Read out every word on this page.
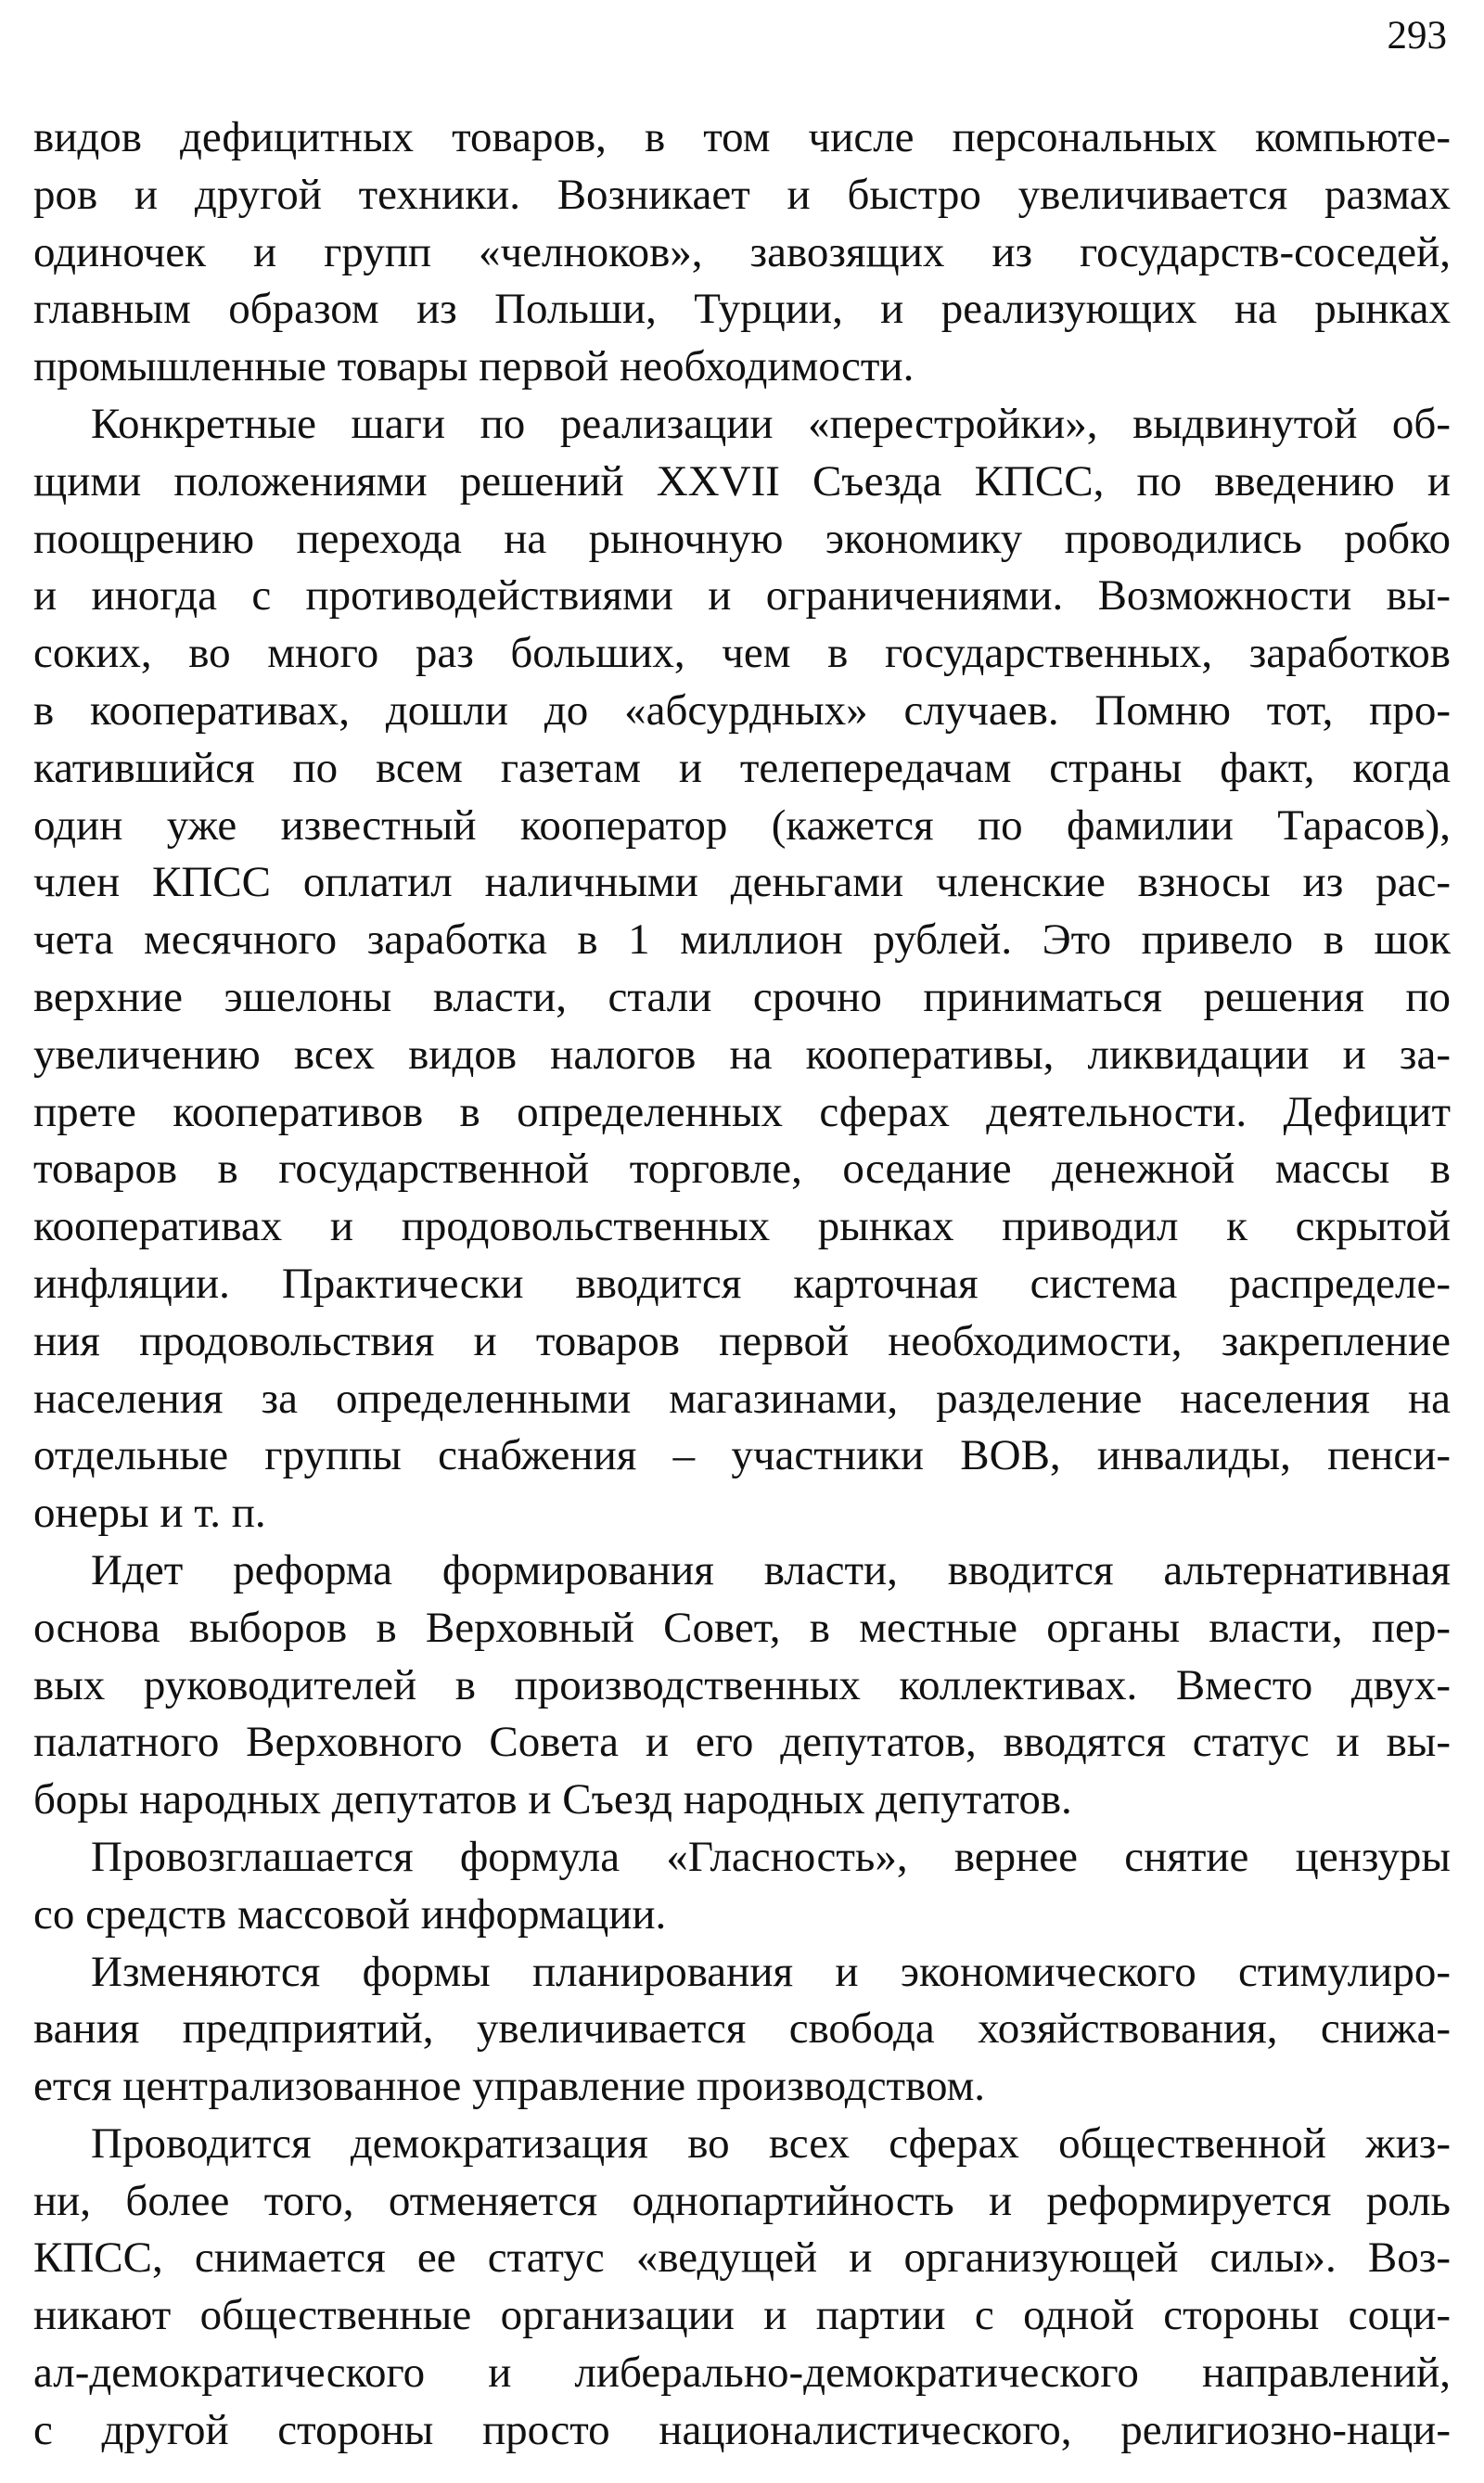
293
видов дефицитных товаров, в том числе персональных компьюте-
ров и другой техники. Возникает и быстро увеличивается размах
одиночек и групп «челноков», завозящих из государств-соседей,
главным образом из Польши, Турции, и реализующих на рынках
промышленные товары первой необходимости.
Конкретные шаги по реализации «перестройки», выдвинутой об-
щими положениями решений XXVII Съезда КПСС, по введению и
поощрению перехода на рыночную экономику проводились робко
и иногда с противодействиями и ограничениями. Возможности вы-
соких, во много раз больших, чем в государственных, заработков
в кооперативах, дошли до «абсурдных» случаев. Помню тот, про-
катившийся по всем газетам и телепередачам страны факт, когда
один уже известный кооператор (кажется по фамилии Тарасов),
член КПСС оплатил наличными деньгами членские взносы из рас-
чета месячного заработка в 1 миллион рублей. Это привело в шок
верхние эшелоны власти, стали срочно приниматься решения по
увеличению всех видов налогов на кооперативы, ликвидации и за-
прете кооперативов в определенных сферах деятельности. Дефицит
товаров в государственной торговле, оседание денежной массы в
кооперативах и продовольственных рынках приводил к скрытой
инфляции. Практически вводится карточная система распределе-
ния продовольствия и товаров первой необходимости, закрепление
населения за определенными магазинами, разделение населения на
отдельные группы снабжения – участники ВОВ, инвалиды, пенси-
онеры и т. п.
Идет реформа формирования власти, вводится альтернативная
основа выборов в Верховный Совет, в местные органы власти, пер-
вых руководителей в производственных коллективах. Вместо двух-
палатного Верховного Совета и его депутатов, вводятся статус и вы-
боры народных депутатов и Съезд народных депутатов.
Провозглашается формула «Гласность», вернее снятие цензуры
со средств массовой информации.
Изменяются формы планирования и экономического стимулиро-
вания предприятий, увеличивается свобода хозяйствования, снижа-
ется централизованное управление производством.
Проводится демократизация во всех сферах общественной жиз-
ни, более того, отменяется однопартийность и реформируется роль
КПСС, снимается ее статус «ведущей и организующей силы». Воз-
никают общественные организации и партии с одной стороны соци-
ал-демократического и либерально-демократического направлений,
с другой стороны просто националистического, религиозно-наци-
